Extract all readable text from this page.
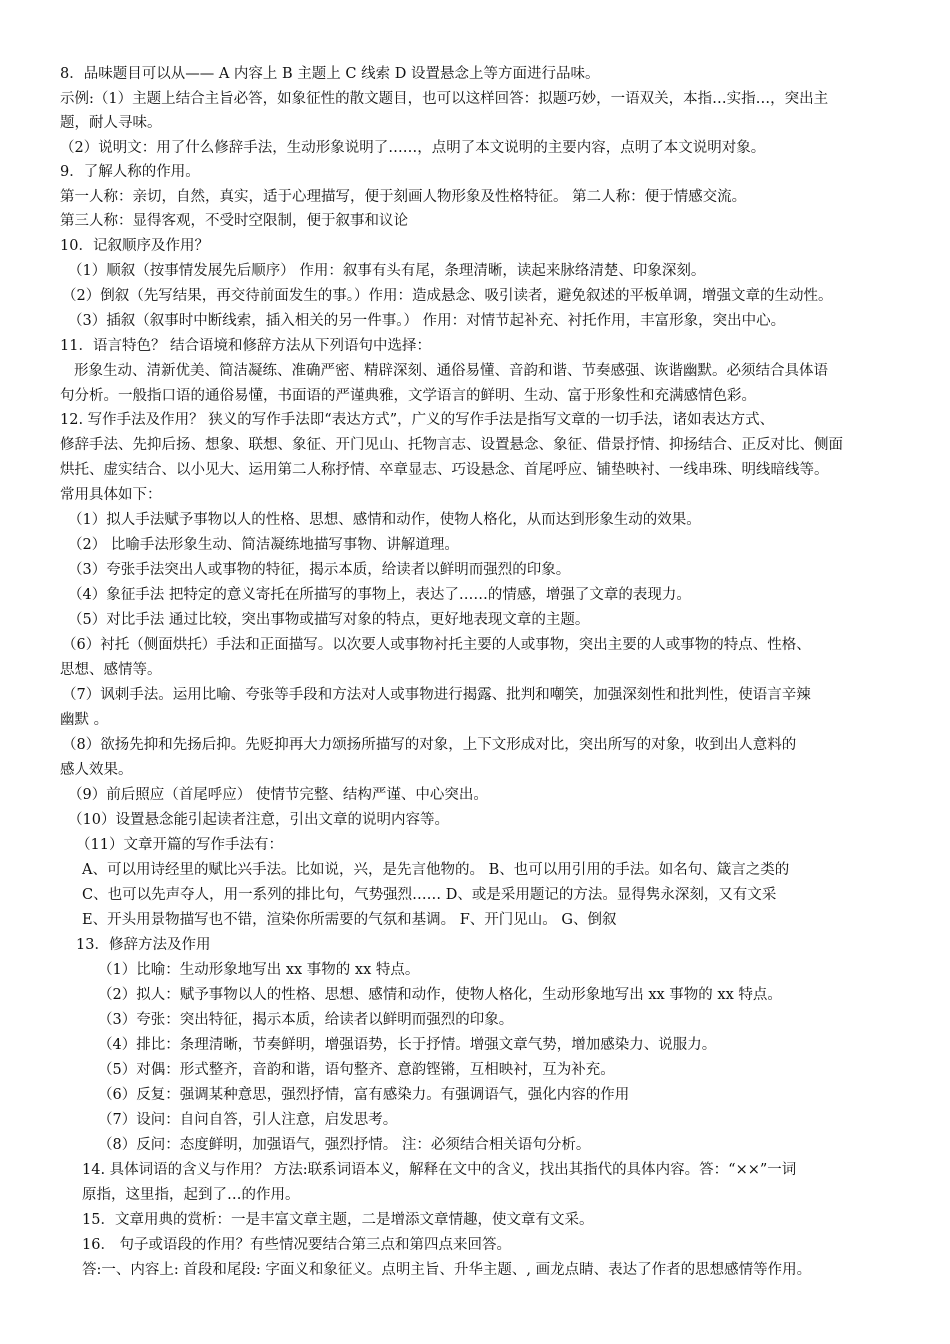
8．品味题目可以从—— A 内容上 B 主题上 C 线索 D 设置悬念上等方面进行品味。
示例:（1）主题上结合主旨必答，如象征性的散文题目，也可以这样回答：拟题巧妙，一语双关，本指…实指…，突出主
题，耐人寻味。
（2）说明文：用了什么修辞手法，生动形象说明了……，点明了本文说明的主要内容，点明了本文说明对象。
9．了解人称的作用。
第一人称：亲切，自然，真实，适于心理描写，便于刻画人物形象及性格特征。 第二人称：便于情感交流。
第三人称：显得客观，不受时空限制，便于叙事和议论
10．记叙顺序及作用？
（1）顺叙（按事情发展先后顺序） 作用：叙事有头有尾，条理清晰，读起来脉络清楚、印象深刻。
（2）倒叙（先写结果，再交待前面发生的事。）作用：造成悬念、吸引读者，避免叙述的平板单调，增强文章的生动性。
（3）插叙（叙事时中断线索，插入相关的另一件事。） 作用：对情节起补充、衬托作用，丰富形象，突出中心。
11．语言特色？ 结合语境和修辞方法从下列语句中选择：
形象生动、清新优美、简洁凝练、准确严密、精辟深刻、通俗易懂、音韵和谐、节奏感强、诙谐幽默。必须结合具体语
句分析。一般指口语的通俗易懂，书面语的严谨典雅，文学语言的鲜明、生动、富于形象性和充满感情色彩。
12. 写作手法及作用？ 狭义的写作手法即“表达方式”，广义的写作手法是指写文章的一切手法，诸如表达方式、
修辞手法、先抑后扬、想象、联想、象征、开门见山、托物言志、设置悬念、象征、借景抒情、抑扬结合、正反对比、侧面
烘托、虚实结合、以小见大、运用第二人称抒情、卒章显志、巧设悬念、首尾呼应、铺垫映衬、一线串珠、明线暗线等。
常用具体如下：
（1）拟人手法赋予事物以人的性格、思想、感情和动作，使物人格化，从而达到形象生动的效果。
（2） 比喻手法形象生动、简洁凝练地描写事物、讲解道理。
（3）夸张手法突出人或事物的特征，揭示本质，给读者以鲜明而强烈的印象。
（4）象征手法 把特定的意义寄托在所描写的事物上，表达了……的情感，增强了文章的表现力。
（5）对比手法 通过比较，突出事物或描写对象的特点，更好地表现文章的主题。
（6）衬托（侧面烘托）手法和正面描写。以次要人或事物衬托主要的人或事物，突出主要的人或事物的特点、性格、
思想、感情等。
（7）讽刺手法。运用比喻、夸张等手段和方法对人或事物进行揭露、批判和嘲笑，加强深刻性和批判性，使语言辛辣
幽默 。
（8）欲扬先抑和先扬后抑。先贬抑再大力颂扬所描写的对象，上下文形成对比，突出所写的对象，收到出人意料的
感人效果。
（9）前后照应（首尾呼应） 使情节完整、结构严谨、中心突出。
（10）设置悬念能引起读者注意，引出文章的说明内容等。
（11）文章开篇的写作手法有：
A、可以用诗经里的赋比兴手法。比如说，兴，是先言他物的。 B、也可以用引用的手法。如名句、箴言之类的
C、也可以先声夺人，用一系列的排比句，气势强烈…… D、或是采用题记的方法。显得隽永深刻，又有文采
E、开头用景物描写也不错，渲染你所需要的气氛和基调。 F、开门见山。 G、倒叙
13．修辞方法及作用
（1）比喻：生动形象地写出 xx 事物的 xx 特点。
（2）拟人：赋予事物以人的性格、思想、感情和动作，使物人格化，生动形象地写出 xx 事物的 xx 特点。
（3）夸张：突出特征，揭示本质，给读者以鲜明而强烈的印象。
（4）排比：条理清晰，节奏鲜明，增强语势，长于抒情。增强文章气势，增加感染力、说服力。
（5）对偶：形式整齐，音韵和谐，语句整齐、意韵铿锵，互相映衬，互为补充。
（6）反复：强调某种意思，强烈抒情，富有感染力。有强调语气，强化内容的作用
（7）设问：自问自答，引人注意，启发思考。
（8）反问：态度鲜明，加强语气，强烈抒情。 注：必须结合相关语句分析。
14. 具体词语的含义与作用？ 方法:联系词语本义，解释在文中的含义，找出其指代的具体内容。答：“××”一词
原指，这里指，起到了…的作用。
15．文章用典的赏析：一是丰富文章主题，二是增添文章情趣，使文章有文采。
16． 句子或语段的作用？有些情况要结合第三点和第四点来回答。
答:一、内容上: 首段和尾段: 字面义和象征义。点明主旨、升华主题、, 画龙点睛、表达了作者的思想感情等作用。
